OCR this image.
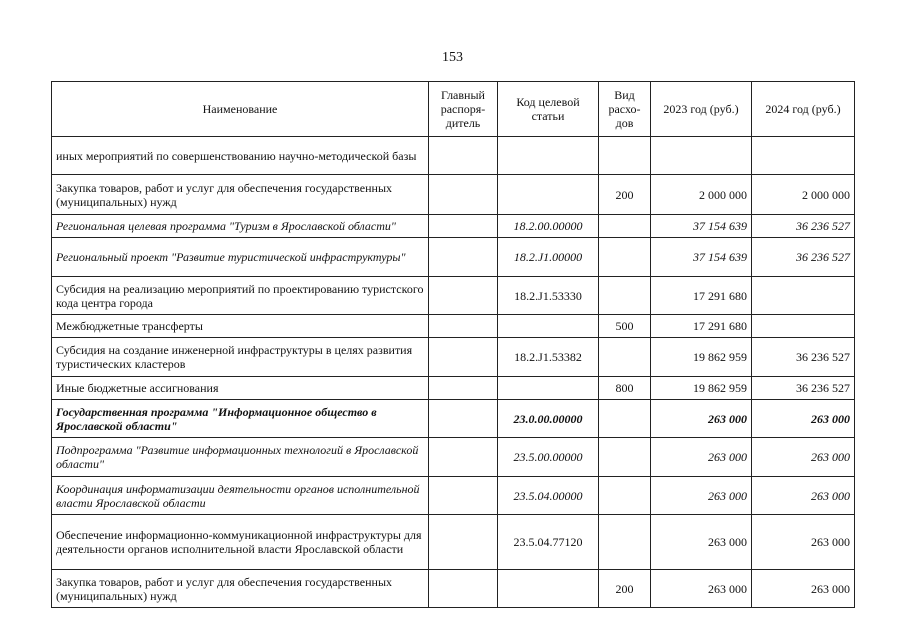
153
Наименование	Главный распоря-дитель	Код целевой статьи	Вид расхо-дов	2023 год (руб.)	2024 год (руб.)
иных мероприятий по совершенствованию научно-методической базы					
Закупка товаров, работ и услуг для обеспечения государственных (муниципальных) нужд			200	2 000 000	2 000 000
Региональная целевая программа "Туризм в Ярославской области"		18.2.00.00000		37 154 639	36 236 527
Региональный проект "Развитие туристической инфраструктуры"		18.2.J1.00000		37 154 639	36 236 527
Субсидия на реализацию мероприятий по проектированию туристского кода центра города		18.2.J1.53330		17 291 680	
Межбюджетные трансферты			500	17 291 680	
Субсидия на создание инженерной инфраструктуры в целях развития туристических кластеров		18.2.J1.53382		19 862 959	36 236 527
Иные бюджетные ассигнования			800	19 862 959	36 236 527
Государственная программа "Информационное общество в Ярославской области"		23.0.00.00000		263 000	263 000
Подпрограмма "Развитие информационных технологий в Ярославской области"		23.5.00.00000		263 000	263 000
Координация информатизации деятельности органов исполнительной власти Ярославской области		23.5.04.00000		263 000	263 000
Обеспечение информационно-коммуникационной инфраструктуры для деятельности органов исполнительной власти Ярославской области		23.5.04.77120		263 000	263 000
Закупка товаров, работ и услуг для обеспечения государственных (муниципальных) нужд			200	263 000	263 000
